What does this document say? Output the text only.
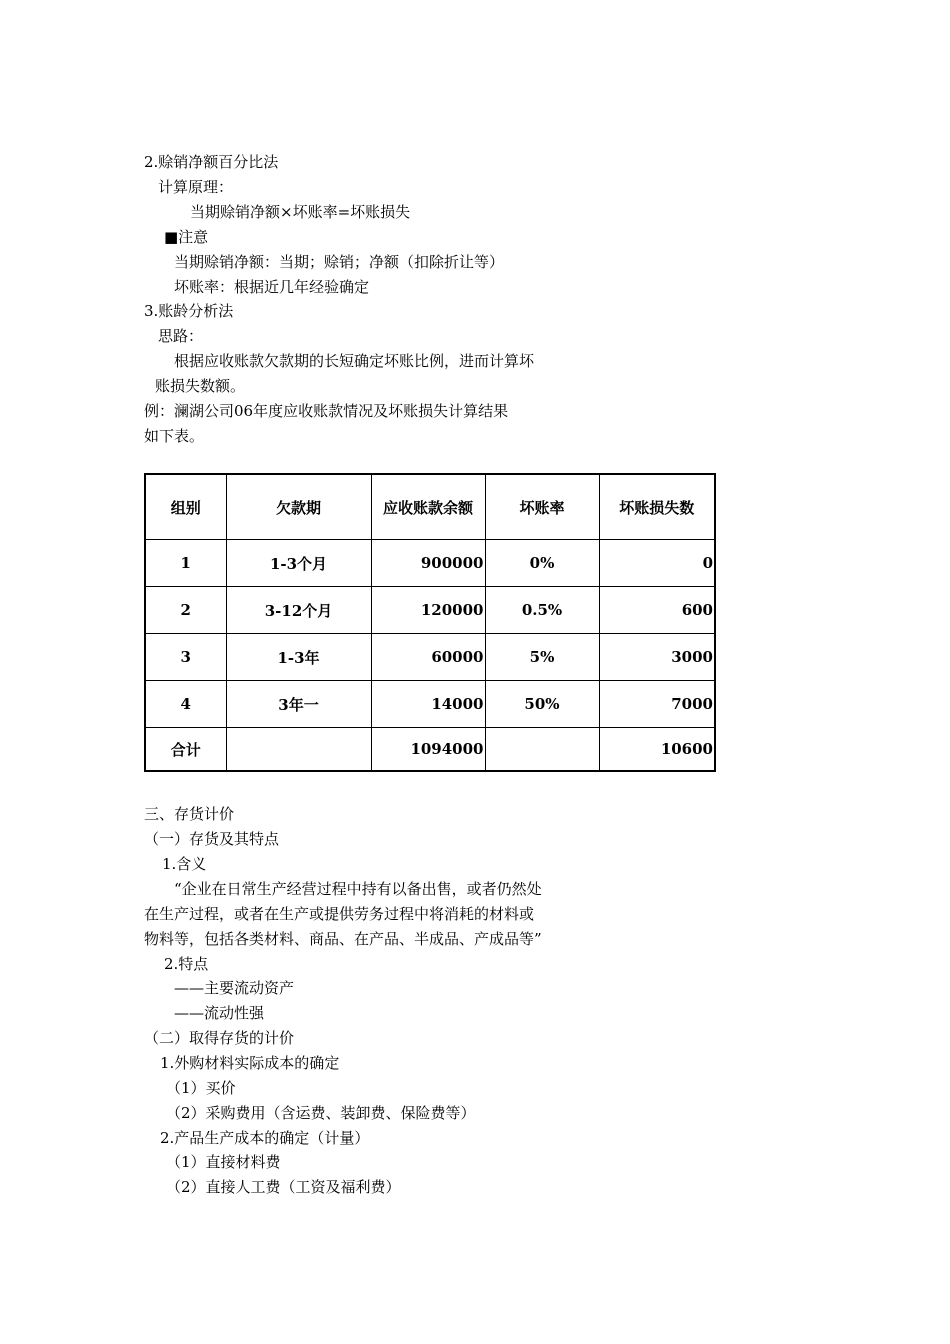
2.赊销净额百分比法
计算原理：
当期赊销净额×坏账率=坏账损失
■注意
当期赊销净额：当期；赊销；净额（扣除折让等）
坏账率：根据近几年经验确定
3.账龄分析法
思路：
根据应收账款欠款期的长短确定坏账比例，进而计算坏
账损失数额。
例：澜湖公司06年度应收账款情况及坏账损失计算结果
如下表。
组别	欠款期	应收账款余额	坏账率	坏账损失数
1	1-3个月	900000	0%	0
2	3-12个月	120000	0.5%	600
3	1-3年	60000	5%	3000
4	3年一	14000	50%	7000
合计		1094000		10600
三、存货计价
（一）存货及其特点
1.含义
“企业在日常生产经营过程中持有以备出售，或者仍然处
在生产过程，或者在生产或提供劳务过程中将消耗的材料或
物料等，包括各类材料、商品、在产品、半成品、产成品等”
2.特点
——主要流动资产
——流动性强
（二）取得存货的计价
1.外购材料实际成本的确定
（1）买价
（2）采购费用（含运费、装卸费、保险费等）
2.产品生产成本的确定（计量）
（1）直接材料费
（2）直接人工费（工资及福利费）
